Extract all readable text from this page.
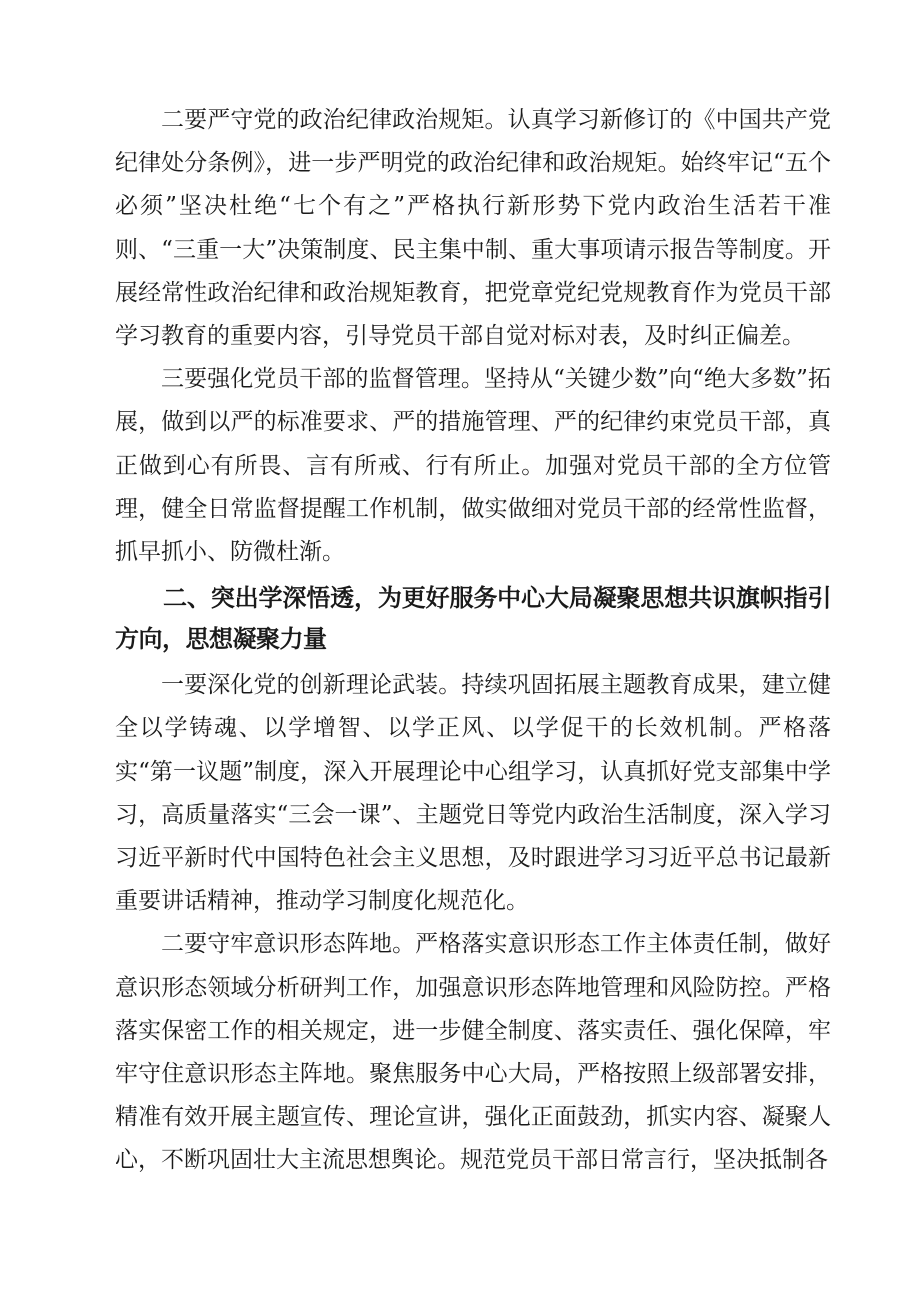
二要严守党的政治纪律政治规矩。认真学习新修订的《中国共产党纪律处分条例》，进一步严明党的政治纪律和政治规矩。始终牢记“五个必须”坚决杜绝“七个有之”严格执行新形势下党内政治生活若干准则、“三重一大”决策制度、民主集中制、重大事项请示报告等制度。开展经常性政治纪律和政治规矩教育，把党章党纪党规教育作为党员干部学习教育的重要内容，引导党员干部自觉对标对表，及时纠正偏差。

三要强化党员干部的监督管理。坚持从“关键少数”向“绝大多数”拓展，做到以严的标准要求、严的措施管理、严的纪律约束党员干部，真正做到心有所畏、言有所戒、行有所止。加强对党员干部的全方位管理，健全日常监督提醒工作机制，做实做细对党员干部的经常性监督，抓早抓小、防微杜渐。

二、突出学深悟透，为更好服务中心大局凝聚思想共识旗帜指引方向，思想凝聚力量

一要深化党的创新理论武装。持续巩固拓展主题教育成果，建立健全以学铸魂、以学增智、以学正风、以学促干的长效机制。严格落实“第一议题”制度，深入开展理论中心组学习，认真抓好党支部集中学习，高质量落实“三会一课”、主题党日等党内政治生活制度，深入学习习近平新时代中国特色社会主义思想，及时跟进学习习近平总书记最新重要讲话精神，推动学习制度化规范化。

二要守牢意识形态阵地。严格落实意识形态工作主体责任制，做好意识形态领域分析研判工作，加强意识形态阵地管理和风险防控。严格落实保密工作的相关规定，进一步健全制度、落实责任、强化保障，牢牢守住意识形态主阵地。聚焦服务中心大局，严格按照上级部署安排，精准有效开展主题宣传、理论宣讲，强化正面鼓劲，抓实内容、凝聚人心，不断巩固壮大主流思想舆论。规范党员干部日常言行，坚决抵制各
